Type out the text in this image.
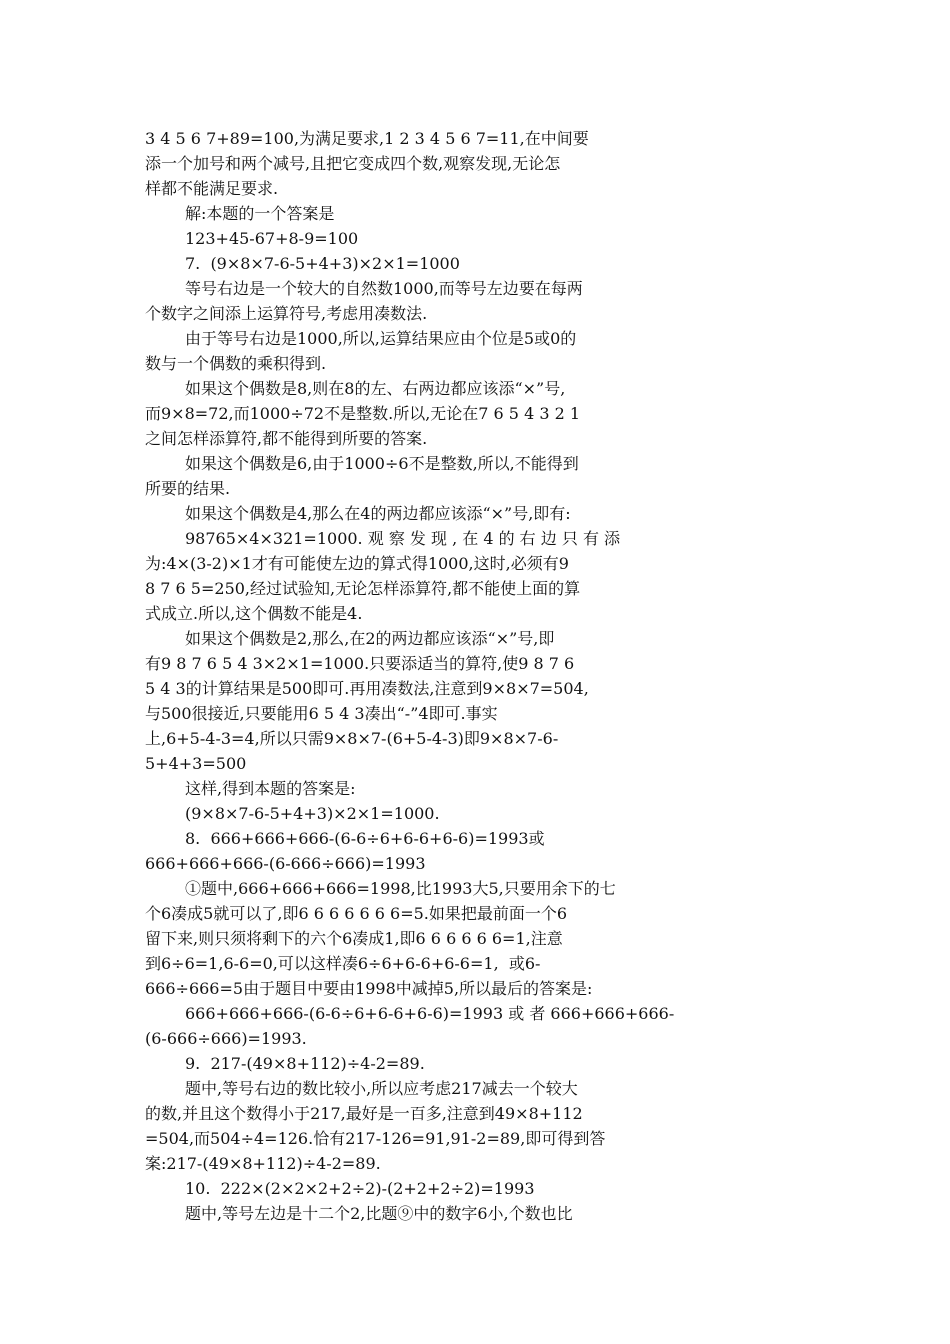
3 4 5 6 7+89=100,为满足要求,1 2 3 4 5 6 7=11,在中间要
添一个加号和两个减号,且把它变成四个数,观察发现,无论怎
样都不能满足要求.
解:本题的一个答案是
123+45-67+8-9=100
7.  (9×8×7-6-5+4+3)×2×1=1000
等号右边是一个较大的自然数1000,而等号左边要在每两
个数字之间添上运算符号,考虑用凑数法.
由于等号右边是1000,所以,运算结果应由个位是5或0的
数与一个偶数的乘积得到.
如果这个偶数是8,则在8的左、右两边都应该添“×”号,
而9×8=72,而1000÷72不是整数.所以,无论在7 6 5 4 3 2 1
之间怎样添算符,都不能得到所要的答案.
如果这个偶数是6,由于1000÷6不是整数,所以,不能得到
所要的结果.
如果这个偶数是4,那么在4的两边都应该添“×”号,即有:
98765×4×321=1000. 观 察 发 现 , 在 4 的 右 边 只 有 添
为:4×(3-2)×1才有可能使左边的算式得1000,这时,必须有9
8 7 6 5=250,经过试验知,无论怎样添算符,都不能使上面的算
式成立.所以,这个偶数不能是4.
如果这个偶数是2,那么,在2的两边都应该添“×”号,即
有9 8 7 6 5 4 3×2×1=1000.只要添适当的算符,使9 8 7 6
5 4 3的计算结果是500即可.再用凑数法,注意到9×8×7=504,
与500很接近,只要能用6 5 4 3凑出“-”4即可.事实
上,6+5-4-3=4,所以只需9×8×7-(6+5-4-3)即9×8×7-6-
5+4+3=500
这样,得到本题的答案是:
(9×8×7-6-5+4+3)×2×1=1000.
8.  666+666+666-(6-6÷6+6-6+6-6)=1993或
666+666+666-(6-666÷666)=1993
①题中,666+666+666=1998,比1993大5,只要用余下的七
个6凑成5就可以了,即6 6 6 6 6 6 6=5.如果把最前面一个6
留下来,则只须将剩下的六个6凑成1,即6 6 6 6 6 6=1,注意
到6÷6=1,6-6=0,可以这样凑6÷6+6-6+6-6=1,  或6-
666÷666=5由于题目中要由1998中减掉5,所以最后的答案是:
666+666+666-(6-6÷6+6-6+6-6)=1993 或 者 666+666+666-
(6-666÷666)=1993.
9.  217-(49×8+112)÷4-2=89.
题中,等号右边的数比较小,所以应考虑217减去一个较大
的数,并且这个数得小于217,最好是一百多,注意到49×8+112
=504,而504÷4=126.恰有217-126=91,91-2=89,即可得到答
案:217-(49×8+112)÷4-2=89.
10.  222×(2×2×2+2÷2)-(2+2+2÷2)=1993
题中,等号左边是十二个2,比题⑨中的数字6小,个数也比
